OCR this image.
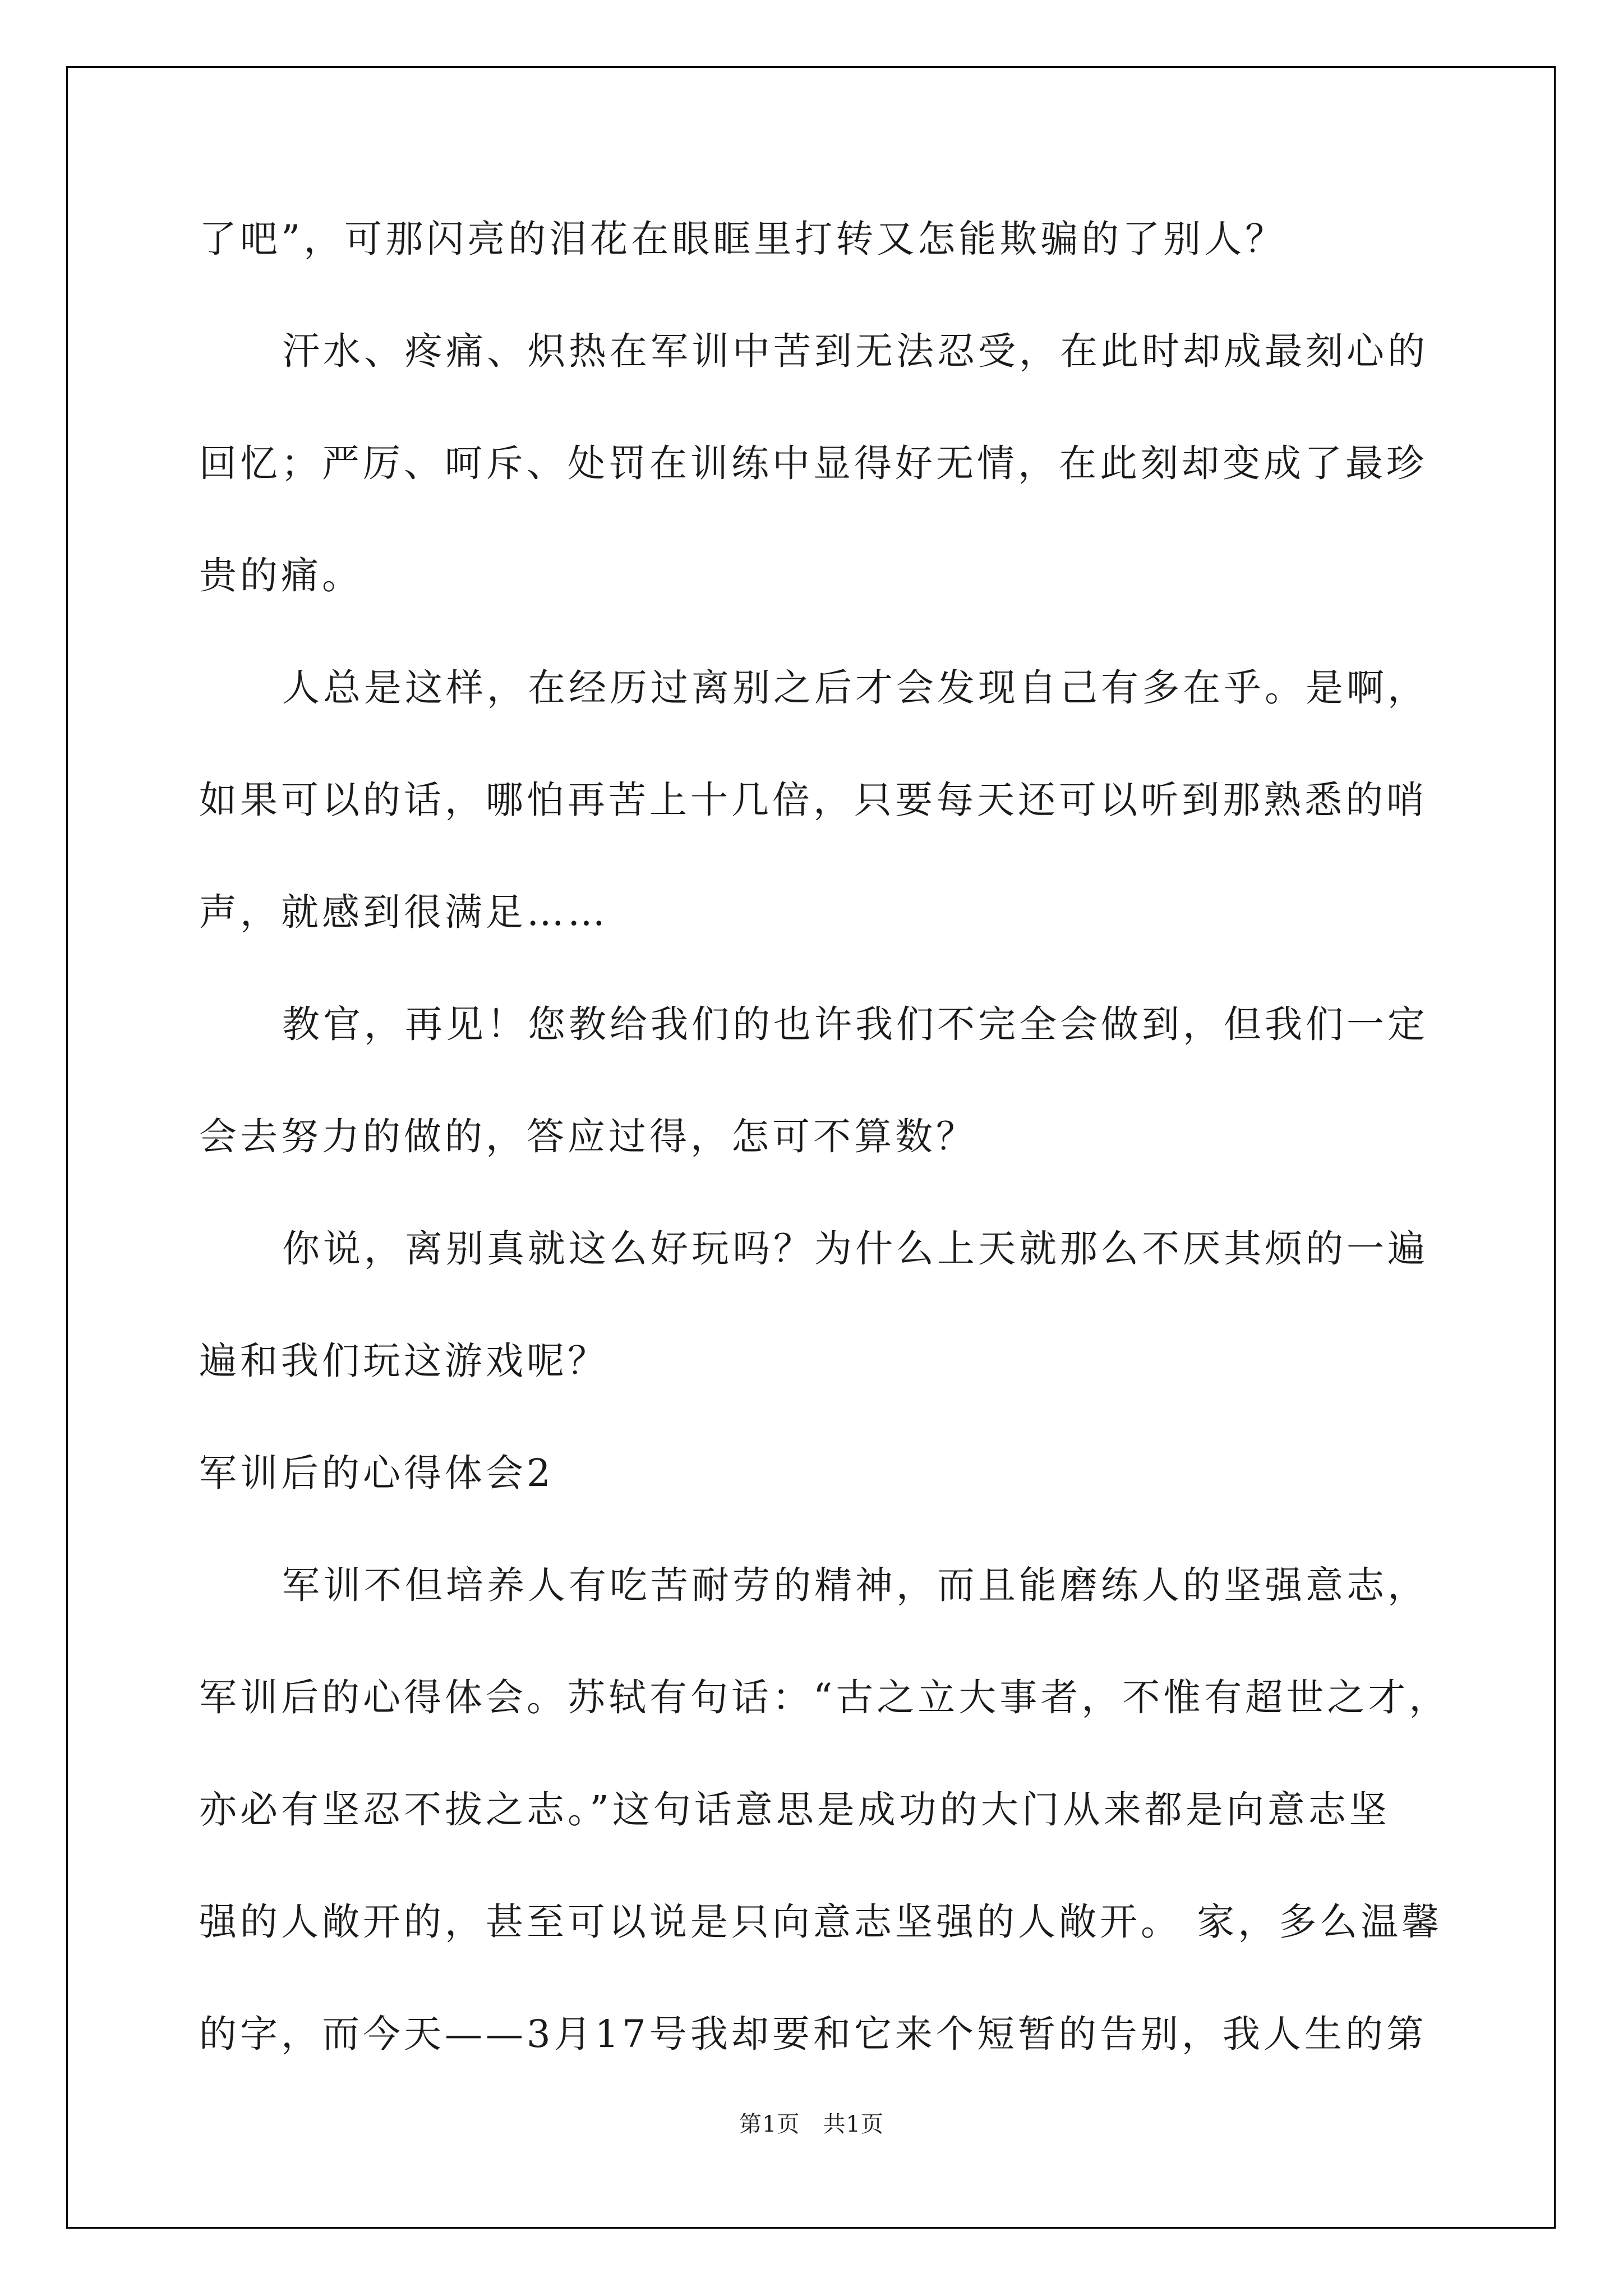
了吧”，可那闪亮的泪花在眼眶里打转又怎能欺骗的了别人？
汗水、疼痛、炽热在军训中苦到无法忍受，在此时却成最刻心的
回忆；严厉、呵斥、处罚在训练中显得好无情，在此刻却变成了最珍
贵的痛。
人总是这样，在经历过离别之后才会发现自己有多在乎。是啊，
如果可以的话，哪怕再苦上十几倍，只要每天还可以听到那熟悉的哨
声，就感到很满足……
教官，再见！您教给我们的也许我们不完全会做到，但我们一定
会去努力的做的，答应过得，怎可不算数？
你说，离别真就这么好玩吗？为什么上天就那么不厌其烦的一遍
遍和我们玩这游戏呢？
军训后的心得体会2
军训不但培养人有吃苦耐劳的精神，而且能磨练人的坚强意志，
军训后的心得体会。苏轼有句话：“古之立大事者，不惟有超世之才，
亦必有坚忍不拔之志。”这句话意思是成功的大门从来都是向意志坚
强的人敞开的，甚至可以说是只向意志坚强的人敞开。 家，多么温馨
的字，而今天——3月17号我却要和它来个短暂的告别，我人生的第
第1页　共1页
